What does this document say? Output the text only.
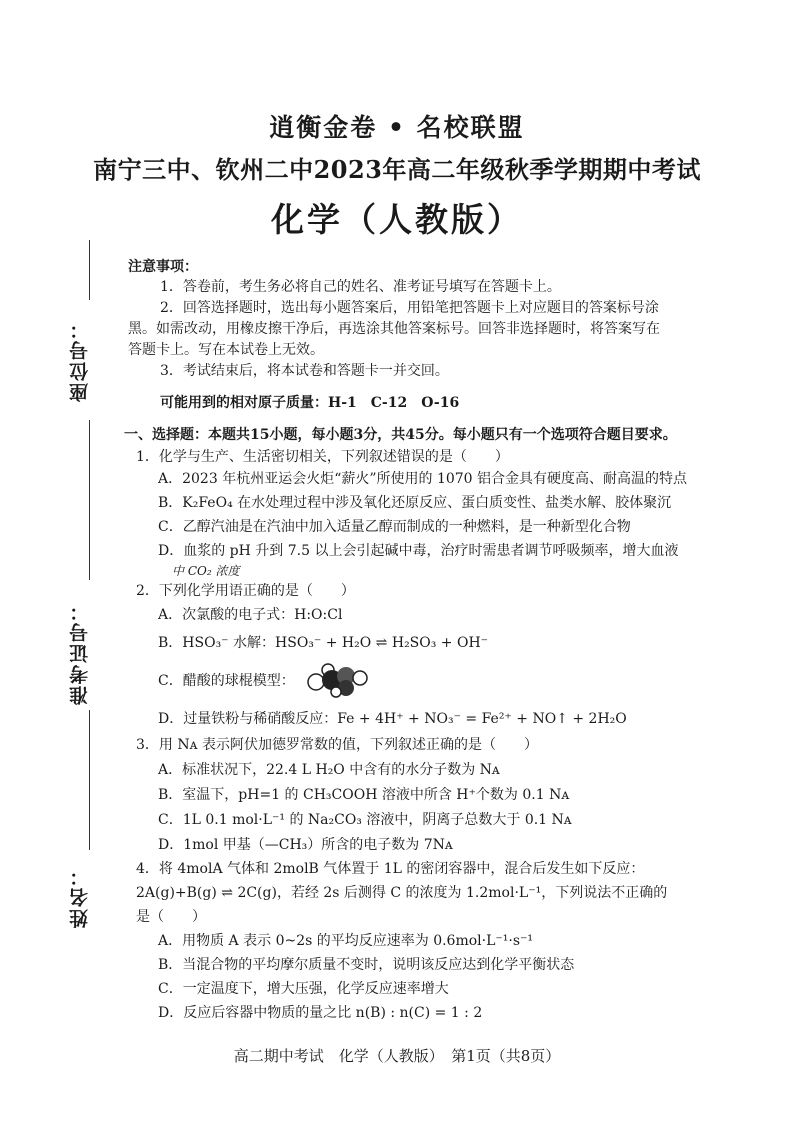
逍衡金卷 • 名校联盟
南宁三中、钦州二中2023年高二年级秋季学期期中考试
化学（人教版）
座位号：
准考证号：
姓名：
注意事项：
1．答卷前，考生务必将自己的姓名、准考证号填写在答题卡上。
2．回答选择题时，选出每小题答案后，用铅笔把答题卡上对应题目的答案标号涂
黑。如需改动，用橡皮擦干净后，再选涂其他答案标号。回答非选择题时，将答案写在
答题卡上。写在本试卷上无效。
3．考试结束后，将本试卷和答题卡一并交回。
可能用到的相对原子质量：H-1　C-12　O-16
一、选择题：本题共15小题，每小题3分，共45分。每小题只有一个选项符合题目要求。
1．化学与生产、生活密切相关，下列叙述错误的是（　　）
A．2023 年杭州亚运会火炬“薪火”所使用的 1070 铝合金具有硬度高、耐高温的特点
B．K₂FeO₄ 在水处理过程中涉及氧化还原反应、蛋白质变性、盐类水解、胶体聚沉
C．乙醇汽油是在汽油中加入适量乙醇而制成的一种燃料，是一种新型化合物
D．血浆的 pH 升到 7.5 以上会引起碱中毒，治疗时需患者调节呼吸频率，增大血液
中 CO₂ 浓度
2．下列化学用语正确的是（　　）
A．次氯酸的电子式：H:O:Cl
B．HSO₃⁻ 水解：HSO₃⁻ + H₂O ⇌ H₂SO₃ + OH⁻
C．醋酸的球棍模型：
D．过量铁粉与稀硝酸反应：Fe + 4H⁺ + NO₃⁻ = Fe²⁺ + NO↑ + 2H₂O
3．用 Nᴀ 表示阿伏加德罗常数的值，下列叙述正确的是（　　）
A．标准状况下，22.4 L H₂O 中含有的水分子数为 Nᴀ
B．室温下，pH=1 的 CH₃COOH 溶液中所含 H⁺个数为 0.1 Nᴀ
C．1L 0.1 mol·L⁻¹ 的 Na₂CO₃ 溶液中，阴离子总数大于 0.1 Nᴀ
D．1mol 甲基（—CH₃）所含的电子数为 7Nᴀ
4．将 4molA 气体和 2molB 气体置于 1L 的密闭容器中，混合后发生如下反应：
2A(g)+B(g) ⇌ 2C(g)，若经 2s 后测得 C 的浓度为 1.2mol·L⁻¹，下列说法不正确的
是（　　）
A．用物质 A 表示 0~2s 的平均反应速率为 0.6mol·L⁻¹·s⁻¹
B．当混合物的平均摩尔质量不变时，说明该反应达到化学平衡状态
C．一定温度下，增大压强，化学反应速率增大
D．反应后容器中物质的量之比 n(B) : n(C) = 1 : 2
高二期中考试　化学（人教版）　第1页（共8页）
